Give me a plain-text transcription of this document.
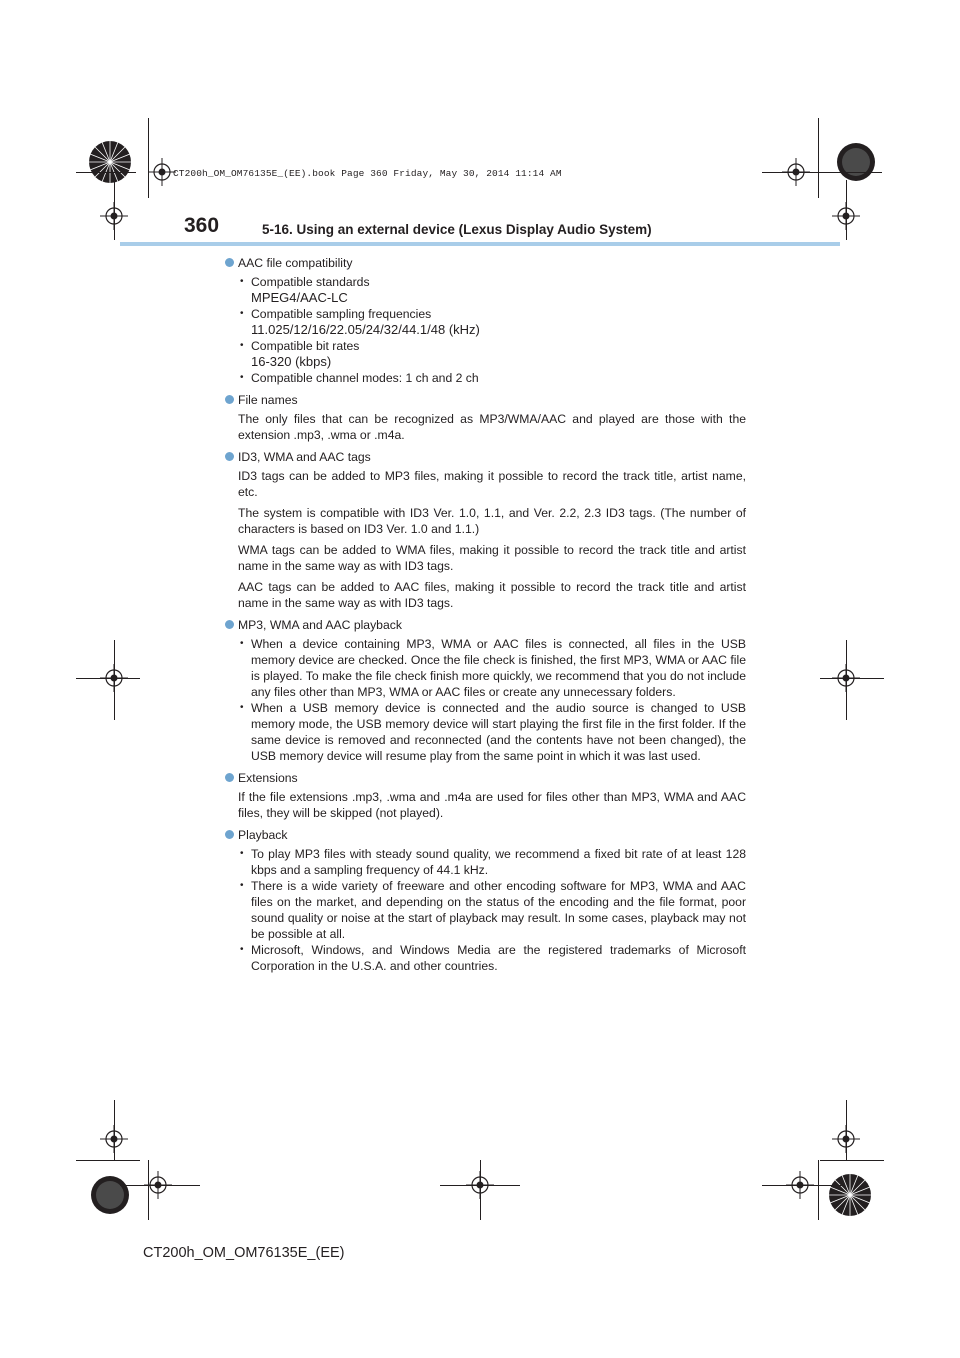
CT200h_OM_OM76135E_(EE).book Page 360 Friday, May 30, 2014 11:14 AM
360	5-16. Using an external device (Lexus Display Audio System)
AAC file compatibility
• Compatible standards
MPEG4/AAC-LC
• Compatible sampling frequencies
11.025/12/16/22.05/24/32/44.1/48 (kHz)
• Compatible bit rates
16-320 (kbps)
• Compatible channel modes: 1 ch and 2 ch
File names

The only files that can be recognized as MP3/WMA/AAC and played are those with the extension .mp3, .wma or .m4a.

ID3, WMA and AAC tags

ID3 tags can be added to MP3 files, making it possible to record the track title, artist name, etc.

The system is compatible with ID3 Ver. 1.0, 1.1, and Ver. 2.2, 2.3 ID3 tags. (The number of characters is based on ID3 Ver. 1.0 and 1.1.)

WMA tags can be added to WMA files, making it possible to record the track title and artist name in the same way as with ID3 tags.

AAC tags can be added to AAC files, making it possible to record the track title and artist name in the same way as with ID3 tags.

MP3, WMA and AAC playback
• When a device containing MP3, WMA or AAC files is connected, all files in the USB memory device are checked. Once the file check is finished, the first MP3, WMA or AAC file is played. To make the file check finish more quickly, we recommend that you do not include any files other than MP3, WMA or AAC files or create any unnecessary folders.
• When a USB memory device is connected and the audio source is changed to USB memory mode, the USB memory device will start playing the first file in the first folder. If the same device is removed and reconnected (and the contents have not been changed), the USB memory device will resume play from the same point in which it was last used.
Extensions

If the file extensions .mp3, .wma and .m4a are used for files other than MP3, WMA and AAC files, they will be skipped (not played).

Playback
• To play MP3 files with steady sound quality, we recommend a fixed bit rate of at least 128 kbps and a sampling frequency of 44.1 kHz.
• There is a wide variety of freeware and other encoding software for MP3, WMA and AAC files on the market, and depending on the status of the encoding and the file format, poor sound quality or noise at the start of playback may result. In some cases, playback may not be possible at all.
• Microsoft, Windows, and Windows Media are the registered trademarks of Microsoft Corporation in the U.S.A. and other countries.
CT200h_OM_OM76135E_(EE)
